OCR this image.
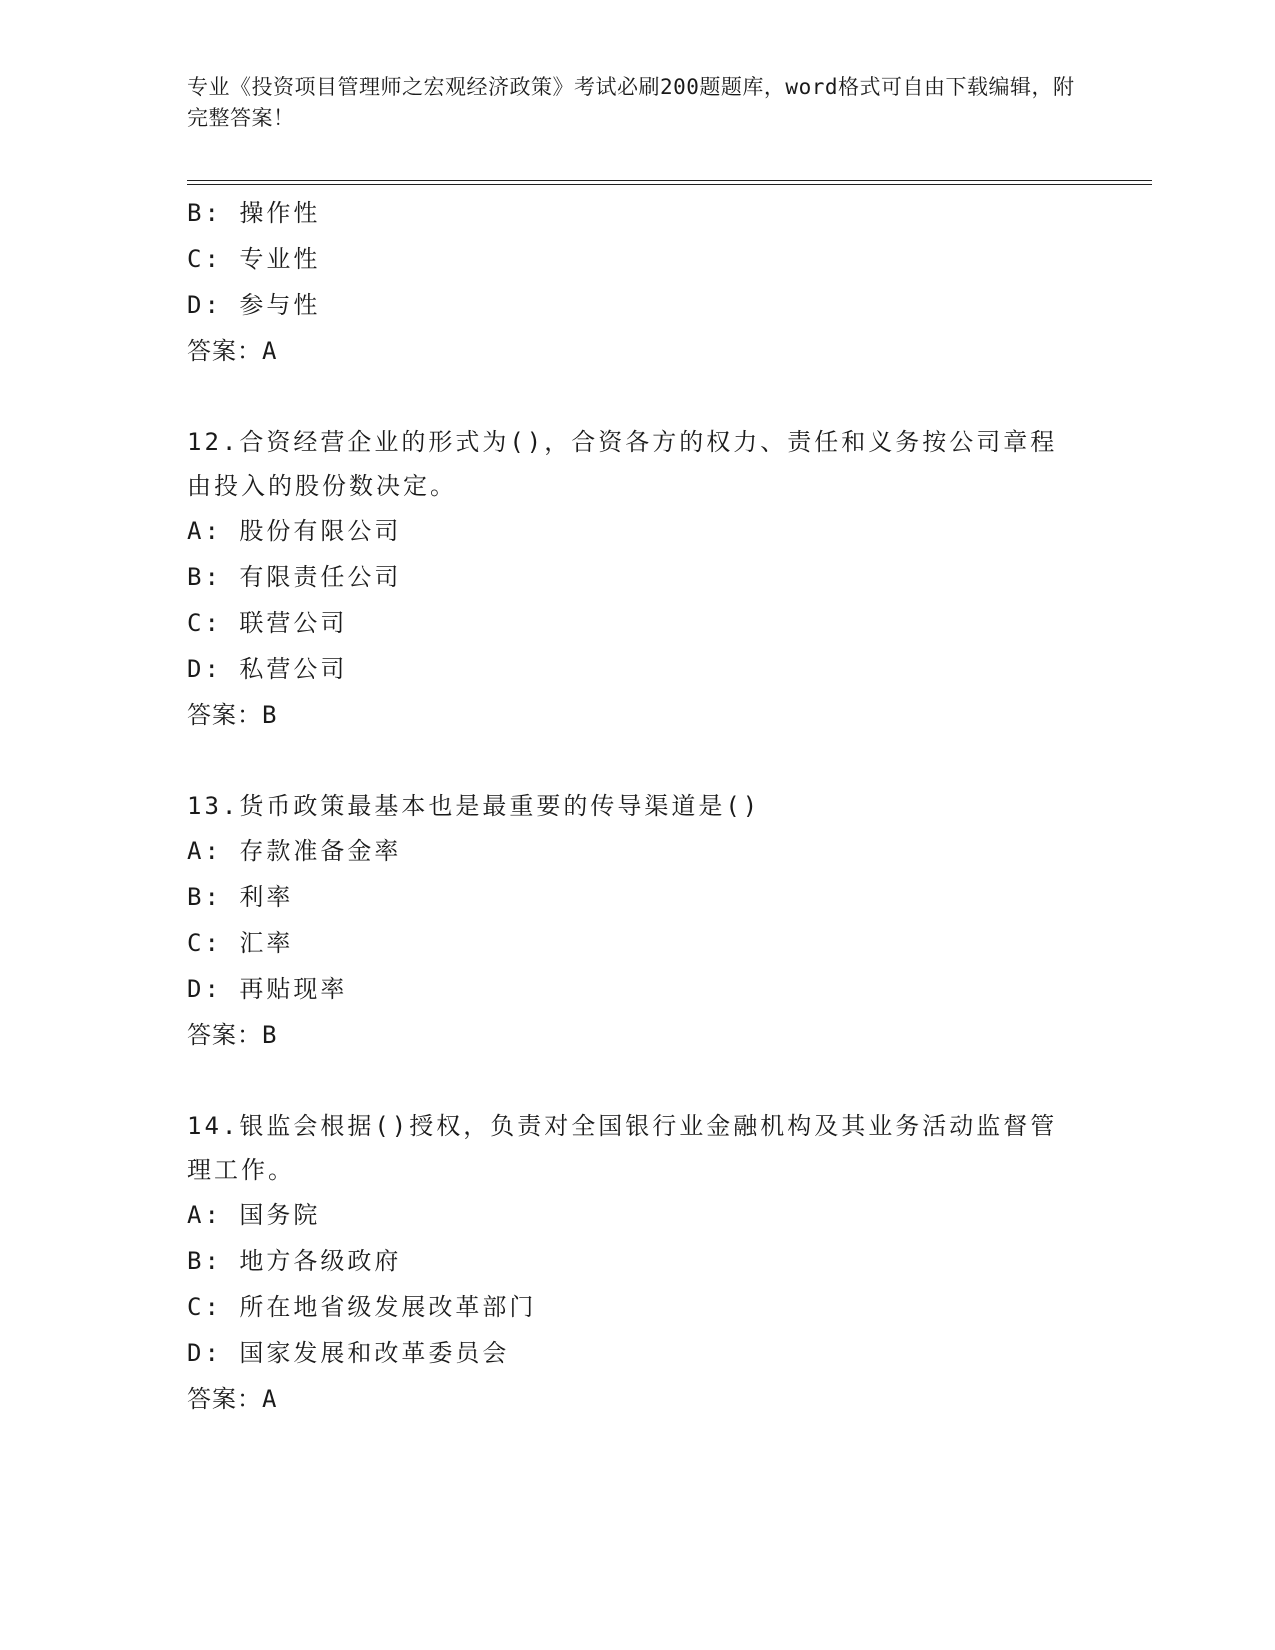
专业《投资项目管理师之宏观经济政策》考试必刷200题题库，word格式可自由下载编辑，附完整答案！
B: 操作性
C: 专业性
D: 参与性
答案：A
12.合资经营企业的形式为()，合资各方的权力、责任和义务按公司章程由投入的股份数决定。
A: 股份有限公司
B: 有限责任公司
C: 联营公司
D: 私营公司
答案：B
13.货币政策最基本也是最重要的传导渠道是()
A: 存款准备金率
B: 利率
C: 汇率
D: 再贴现率
答案：B
14.银监会根据()授权，负责对全国银行业金融机构及其业务活动监督管理工作。
A: 国务院
B: 地方各级政府
C: 所在地省级发展改革部门
D: 国家发展和改革委员会
答案：A
